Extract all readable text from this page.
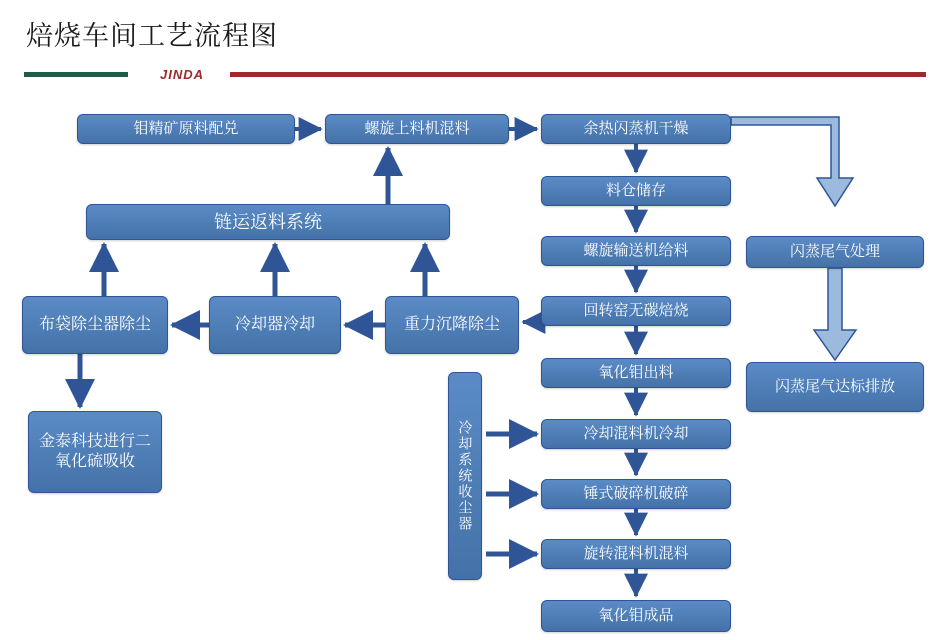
焙烧车间工艺流程图
JINDA
钼精矿原料配兑	螺旋上料机混料	余热闪蒸机干燥
料仓储存
螺旋输送机给料
回转窑无碳焙烧
氧化钼出料
冷却混料机冷却
锤式破碎机破碎
旋转混料机混料
氧化钼成品
闪蒸尾气处理
闪蒸尾气达标排放
链运返料系统
布袋除尘器除尘	冷却器冷却	重力沉降除尘
金泰科技进行二氧化硫吸收	冷却系统收尘器
